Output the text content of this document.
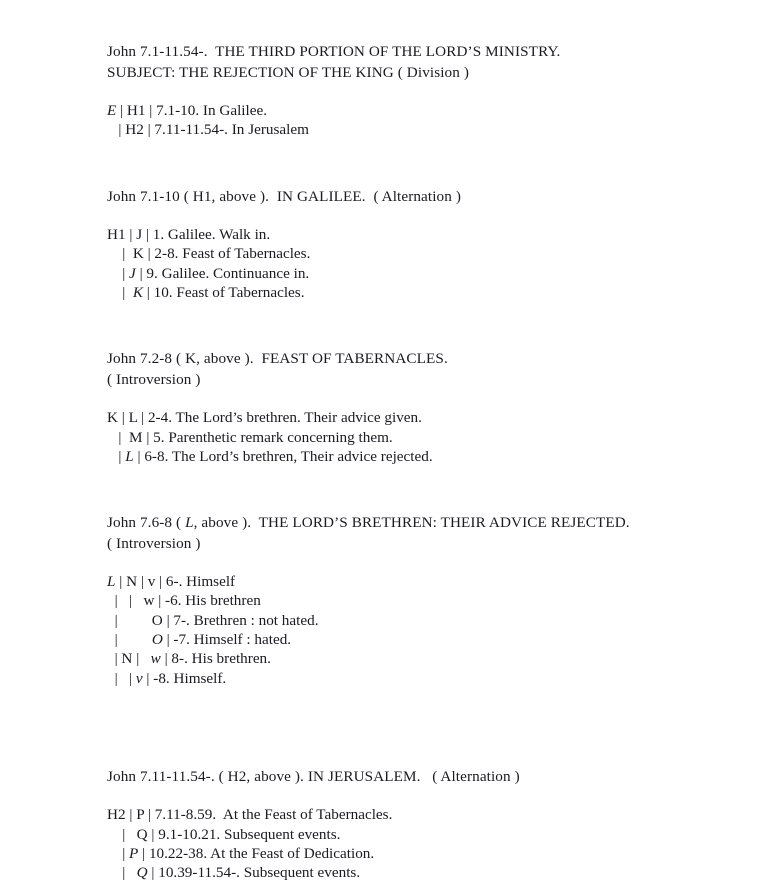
John 7.1-11.54-.  THE THIRD PORTION OF THE LORD’S MINISTRY.
SUBJECT: THE REJECTION OF THE KING ( Division )
E | H1 | 7.1-10. In Galilee.
| H2 | 7.11-11.54-. In Jerusalem
John 7.1-10 ( H1, above ).  IN GALILEE.  ( Alternation )
H1 | J | 1. Galilee. Walk in.
|  K | 2-8. Feast of Tabernacles.
| J | 9. Galilee. Continuance in.
|  K | 10. Feast of Tabernacles.
John 7.2-8 ( K, above ).  FEAST OF TABERNACLES.
( Introversion )
K | L | 2-4. The Lord’s brethren. Their advice given.
|  M | 5. Parenthetic remark concerning them.
| L | 6-8. The Lord’s brethren, Their advice rejected.
John 7.6-8 ( L, above ).  THE LORD’S BRETHREN: THEIR ADVICE REJECTED.
( Introversion )
L | N | v | 6-. Himself
|   |   w | -6. His brethren
|         O | 7-. Brethren : not hated.
|         O | -7. Himself : hated.
| N |   w | 8-. His brethren.
|   | v | -8. Himself.
John 7.11-11.54-. ( H2, above ). IN JERUSALEM.   ( Alternation )
H2 | P | 7.11-8.59.  At the Feast of Tabernacles.
|   Q | 9.1-10.21. Subsequent events.
| P | 10.22-38. At the Feast of Dedication.
|   Q | 10.39-11.54-. Subsequent events.
